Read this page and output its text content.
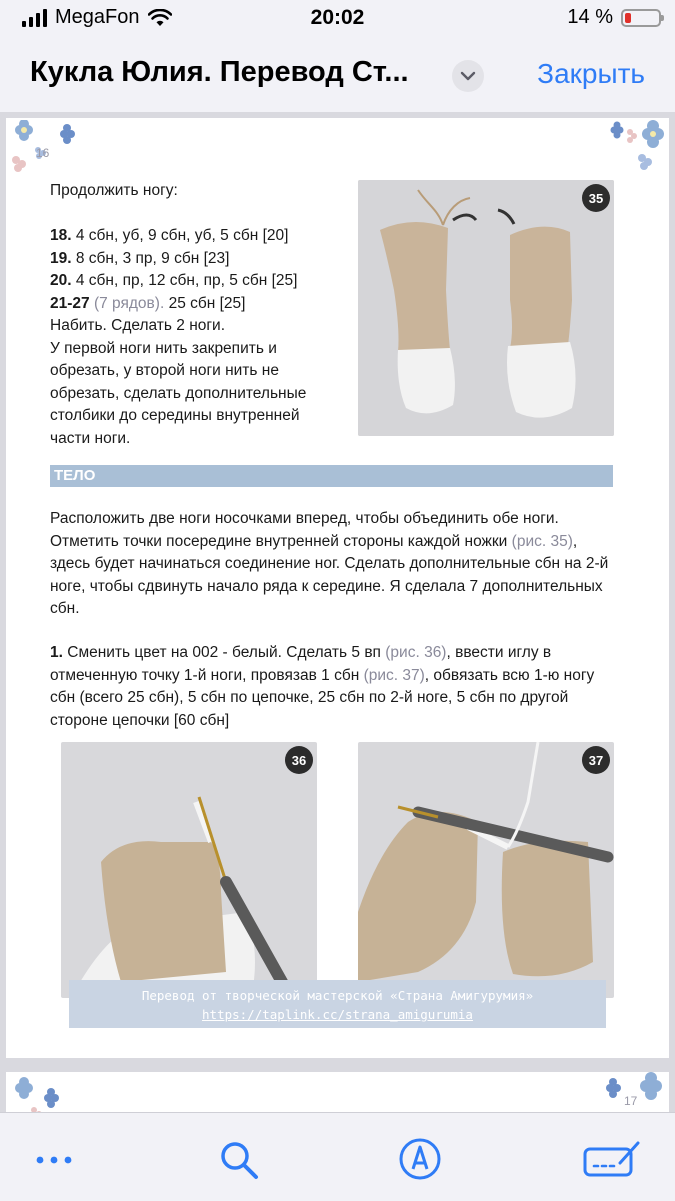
MegaFon	20:02	14 %
Кукла Юлия. Перевод Ст...	Закрыть
16
Продолжить ногу:
18. 4 сбн, уб, 9 сбн, уб, 5 сбн [20]
19. 8 сбн, 3 пр, 9 сбн [23]
20. 4 сбн, пр, 12 сбн, пр, 5 сбн [25]
21-27 (7 рядов). 25 сбн [25]
Набить. Сделать 2 ноги.
У первой ноги нить закрепить и
обрезать, у второй ноги нить не
обрезать, сделать дополнительные
столбики до середины внутренней
части ноги.
35
ТЕЛО
Расположить две ноги носочками вперед, чтобы объединить обе ноги. Отметить точки посередине внутренней стороны каждой ножки (рис. 35), здесь будет начинаться соединение ног. Сделать дополнительные сбн на 2-й ноге, чтобы сдвинуть начало ряда к середине. Я сделала 7 дополнительных сбн.
1. Сменить цвет на 002 - белый. Сделать 5 вп (рис. 36), ввести иглу в отмеченную точку 1-й ноги, провязав 1 сбн (рис. 37), обвязать всю 1-ю ногу сбн (всего 25 сбн), 5 сбн по цепочке, 25 сбн по 2-й ноге, 5 сбн по другой стороне цепочки [60 сбн]
36	37
Перевод от творческой мастерской «Страна Амигурумия»
https://taplink.cc/strana_amigurumia
17
